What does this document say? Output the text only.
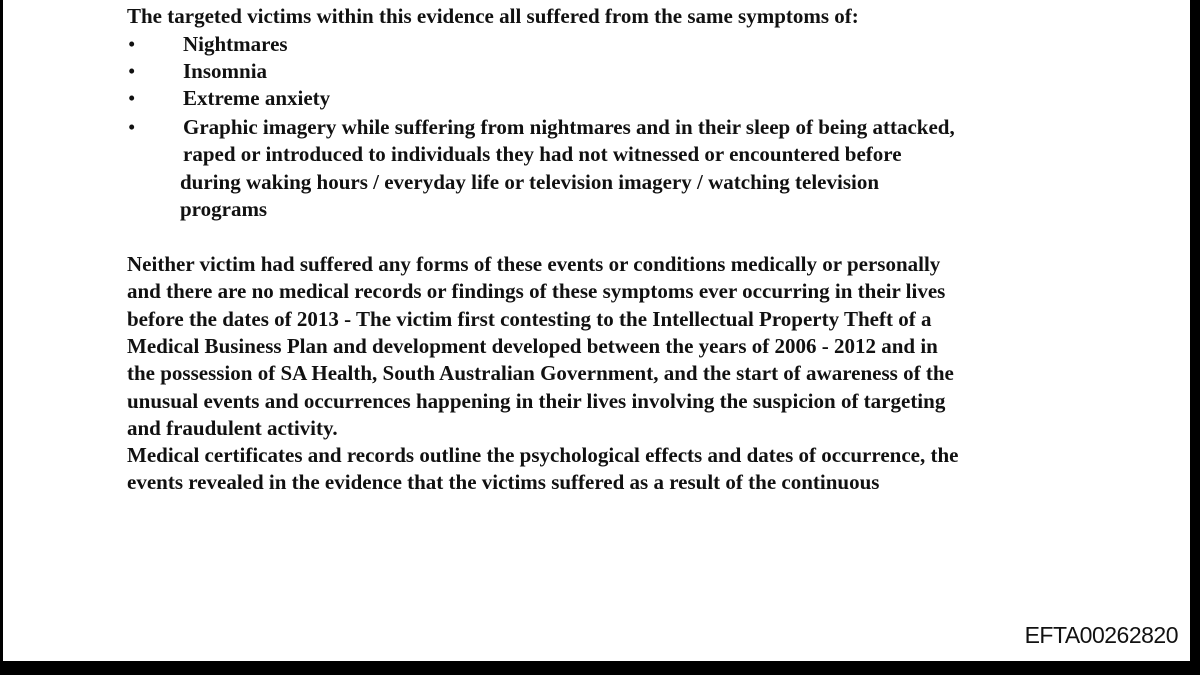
The targeted victims within this evidence all suffered from the same symptoms of:
• Nightmares
• Insomnia
• Extreme anxiety
• Graphic imagery while suffering from nightmares and in their sleep of being attacked,
raped or introduced to individuals they had not witnessed or encountered before
during waking hours / everyday life or television imagery / watching television
programs
Neither victim had suffered any forms of these events or conditions medically or personally
and there are no medical records or findings of these symptoms ever occurring in their lives
before the dates of 2013 - The victim first contesting to the Intellectual Property Theft of a
Medical Business Plan and development developed between the years of 2006 - 2012 and in
the possession of SA Health, South Australian Government, and the start of awareness of the
unusual events and occurrences happening in their lives involving the suspicion of targeting
and fraudulent activity.
Medical certificates and records outline the psychological effects and dates of occurrence, the
events revealed in the evidence that the victims suffered as a result of the continuous
EFTA00262820
